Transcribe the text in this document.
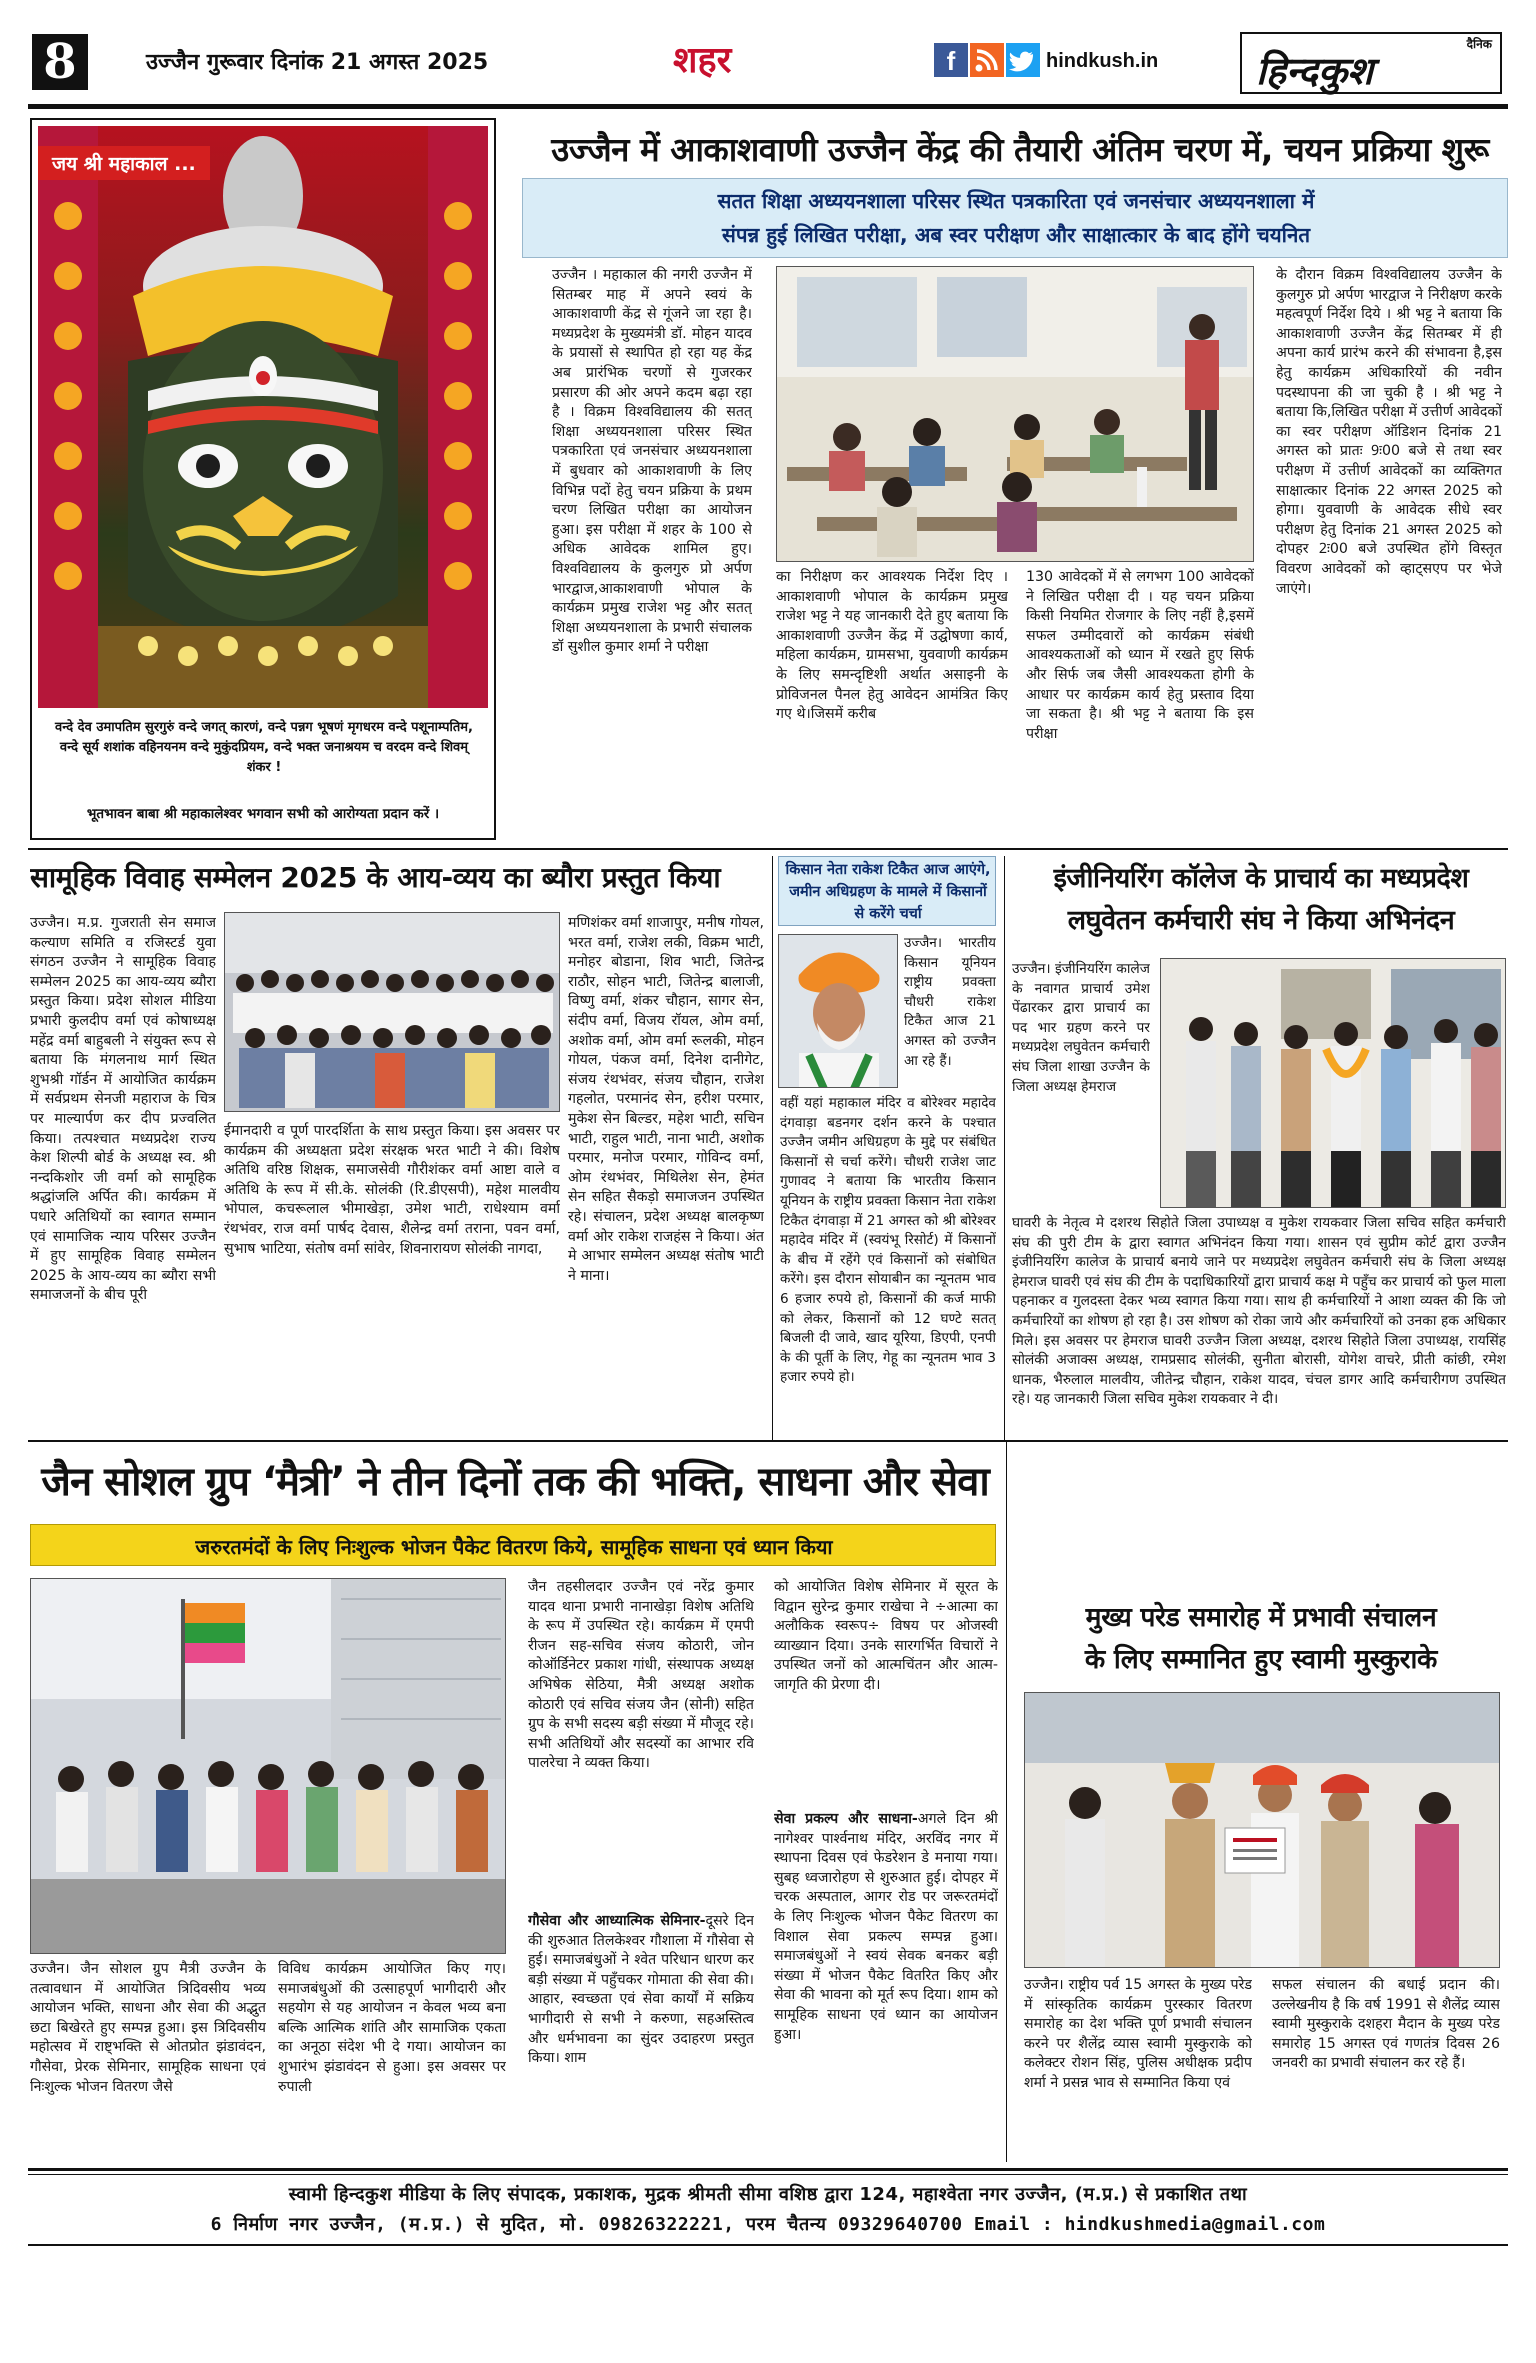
8	उज्जैन गुरूवार दिनांक 21 अगस्त 2025	शहर	f	hindkush.in
दैनिक
हिन्दकुश
जय श्री महाकाल ...
वन्दे देव उमापतिम सुरगुरुं वन्दे जगत् कारणं, वन्दे पन्नग भूषणं मृगधरम वन्दे पशूनाम्पतिम, वन्दे सूर्य शशांक वहिनयनम वन्दे मुकुंदप्रियम, वन्दे भक्त जनाश्रयम च वरदम वन्दे शिवम् शंकर !
भूतभावन बाबा श्री महाकालेश्वर भगवान सभी को आरोग्यता प्रदान करें ।
उज्जैन में आकाशवाणी उज्जैन केंद्र की तैयारी अंतिम चरण में, चयन प्रक्रिया शुरू
सतत शिक्षा अध्ययनशाला परिसर स्थित पत्रकारिता एवं जनसंचार अध्ययनशाला में
संपन्न हुई लिखित परीक्षा, अब स्वर परीक्षण और साक्षात्कार के बाद होंगे चयनित
उज्जैन । महाकाल की नगरी उज्जैन में सितम्बर माह में अपने स्वयं के आकाशवाणी केंद्र से गूंजने जा रहा है।मध्यप्रदेश के मुख्यमंत्री डॉ. मोहन यादव के प्रयासों से स्थापित हो रहा यह केंद्र अब प्रारंभिक चरणों से गुजरकर प्रसारण की ओर अपने कदम बढ़ा रहा है । विक्रम विश्वविद्यालय की सतत् शिक्षा अध्ययनशाला परिसर स्थित पत्रकारिता एवं जनसंचार अध्ययनशाला में बुधवार को आकाशवाणी के लिए विभिन्न पदों हेतु चयन प्रक्रिया के प्रथम चरण लिखित परीक्षा का आयोजन हुआ। इस परीक्षा में शहर के 100 से अधिक आवेदक शामिल हुए।विश्वविद्यालय के कुलगुरु प्रो अर्पण भारद्वाज,आकाशवाणी भोपाल के कार्यक्रम प्रमुख राजेश भट्ट और सतत् शिक्षा अध्ययनशाला के प्रभारी संचालक डॉ सुशील कुमार शर्मा ने परीक्षा
का निरीक्षण कर आवश्यक निर्देश दिए । आकाशवाणी भोपाल के कार्यक्रम प्रमुख राजेश भट्ट ने यह जानकारी देते हुए बताया कि आकाशवाणी उज्जैन केंद्र में उद्घोषणा कार्य, महिला कार्यक्रम, ग्रामसभा, युववाणी कार्यक्रम के लिए समन्दृष्टिशी अर्थात असाइनी के प्रोविजनल पैनल हेतु आवेदन आमंत्रित किए गए थे।जिसमें करीब
130 आवेदकों में से लगभग 100 आवेदकों ने लिखित परीक्षा दी । यह चयन प्रक्रिया किसी नियमित रोजगार के लिए नहीं है,इसमें सफल उम्मीदवारों को कार्यक्रम संबंधी आवश्यकताओं को ध्यान में रखते हुए सिर्फ और सिर्फ जब जैसी आवश्यकता होगी के आधार पर कार्यक्रम कार्य हेतु प्रस्ताव दिया जा सकता है। श्री भट्ट ने बताया कि इस परीक्षा
के दौरान विक्रम विश्वविद्यालय उज्जैन के कुलगुरु प्रो अर्पण भारद्वाज ने निरीक्षण करके महत्वपूर्ण निर्देश दिये । श्री भट्ट ने बताया कि आकाशवाणी उज्जैन केंद्र सितम्बर में ही अपना कार्य प्रारंभ करने की संभावना है,इस हेतु कार्यक्रम अधिकारियों की नवीन पदस्थापना की जा चुकी है । श्री भट्ट ने बताया कि,लिखित परीक्षा में उत्तीर्ण आवेदकों का स्वर परीक्षण ऑडिशन दिनांक 21 अगस्त को प्रातः 9ः00 बजे से तथा स्वर परीक्षण में उत्तीर्ण आवेदकों का व्यक्तिगत साक्षात्कार दिनांक 22 अगस्त 2025 को होगा। युववाणी के आवेदक सीधे स्वर परीक्षण हेतु दिनांक 21 अगस्त 2025 को दोपहर 2ः00 बजे उपस्थित होंगे विस्तृत विवरण आवेदकों को व्हाट्सएप पर भेजे जाएंगे।
सामूहिक विवाह सम्मेलन 2025 के आय-व्यय का ब्यौरा प्रस्तुत किया
उज्जैन। म.प्र. गुजराती सेन समाज कल्याण समिति व रजिस्टर्ड युवा संगठन उज्जैन ने सामूहिक विवाह सम्मेलन 2025 का आय-व्यय ब्यौरा प्रस्तुत किया। प्रदेश सोशल मीडिया प्रभारी कुलदीप वर्मा एवं कोषाध्यक्ष महेंद्र वर्मा बाहुबली ने संयुक्त रूप से बताया कि मंगलनाथ मार्ग स्थित शुभश्री गॉर्डन में आयोजित कार्यक्रम में सर्वप्रथम सेनजी महाराज के चित्र पर माल्यार्पण कर दीप प्रज्वलित किया। तत्पश्चात मध्यप्रदेश राज्य केश शिल्पी बोर्ड के अध्यक्ष स्व. श्री नन्दकिशोर जी वर्मा को सामूहिक श्रद्धांजलि अर्पित की। कार्यक्रम में पधारे अतिथियों का स्वागत सम्मान एवं सामाजिक न्याय परिसर उज्जैन में हुए सामूहिक विवाह सम्मेलन 2025 के आय-व्यय का ब्यौरा सभी समाजजनों के बीच पूरी
ईमानदारी व पूर्ण पारदर्शिता के साथ प्रस्तुत किया। इस अवसर पर कार्यक्रम की अध्यक्षता प्रदेश संरक्षक भरत भाटी ने की। विशेष अतिथि वरिष्ठ शिक्षक, समाजसेवी गौरीशंकर वर्मा आष्टा वाले व अतिथि के रूप में सी.के. सोलंकी (रि.डीएसपी), महेश मालवीय भोपाल, कचरूलाल भीमाखेड़ा, उमेश भाटी, राधेश्याम वर्मा रंथभंवर, राज वर्मा पार्षद देवास, शैलेन्द्र वर्मा तराना, पवन वर्मा, सुभाष भाटिया, संतोष वर्मा सांवेर, शिवनारायण सोलंकी नागदा,
मणिशंकर वर्मा शाजापुर, मनीष गोयल, भरत वर्मा, राजेश लकी, विक्रम भाटी, मनोहर बोडाना, शिव भाटी, जितेन्द्र राठौर, सोहन भाटी, जितेन्द्र बालाजी, विष्णु वर्मा, शंकर चौहान, सागर सेन, संदीप वर्मा, विजय रॉयल, ओम वर्मा, अशोक वर्मा, ओम वर्मा रूलकी, मोहन गोयल, पंकज वर्मा, दिनेश दानीगेट, संजय रंथभंवर, संजय चौहान, राजेश गहलोत, परमानंद सेन, हरीश परमार, मुकेश सेन बिल्डर, महेश भाटी, सचिन भाटी, राहुल भाटी, नाना भाटी, अशोक परमार, मनोज परमार, गोविन्द वर्मा, ओम रंथभंवर, मिथिलेश सेन, हेमंत सेन सहित सैकड़ो समाजजन उपस्थित रहे। संचालन, प्रदेश अध्यक्ष बालकृष्ण वर्मा ओर राकेश राजहंस ने किया। अंत मे आभार सम्मेलन अध्यक्ष संतोष भाटी ने माना।
किसान नेता राकेश टिकैत आज आएंगे, जमीन अधिग्रहण के मामले में किसानों से करेंगे चर्चा
उज्जैन। भारतीय किसान यूनियन राष्ट्रीय प्रवक्ता चौधरी राकेश टिकैत आज 21 अगस्त को उज्जैन आ रहे हैं।
वहीं यहां महाकाल मंदिर व बोरेश्वर महादेव दंगवाड़ा बडनगर दर्शन करने के पश्चात उज्जैन जमीन अधिग्रहण के मुद्दे पर संबंधित किसानों से चर्चा करेंगे। चौधरी राजेश जाट गुणावद ने बताया कि भारतीय किसान यूनियन के राष्ट्रीय प्रवक्ता किसान नेता राकेश टिकैत दंगवाड़ा में 21 अगस्त को श्री बोरेश्वर महादेव मंदिर में (स्वयंभू रिसोर्ट) में किसानों के बीच में रहेंगे एवं किसानों को संबोधित करेंगे। इस दौरान सोयाबीन का न्यूनतम भाव 6 हजार रुपये हो, किसानों की कर्ज माफी को लेकर, किसानों को 12 घण्टे सतत् बिजली दी जावे, खाद यूरिया, डिएपी, एनपी के की पूर्ती के लिए, गेहू का न्यूनतम भाव 3 हजार रुपये हो।
इंजीनियरिंग कॉलेज के प्राचार्य का मध्यप्रदेश
लघुवेतन कर्मचारी संघ ने किया अभिनंदन
उज्जैन। इंजीनियरिंग कालेज के नवागत प्राचार्य उमेश पेंढारकर द्वारा प्राचार्य का पद भार ग्रहण करने पर मध्यप्रदेश लघुवेतन कर्मचारी संघ जिला शाखा उज्जैन के जिला अध्यक्ष हेमराज
घावरी के नेतृत्व मे दशरथ सिहोते जिला उपाध्यक्ष व मुकेश रायकवार जिला सचिव सहित कर्मचारी संघ की पुरी टीम के द्वारा स्वागत अभिनंदन किया गया। शासन एवं सुप्रीम कोर्ट द्वारा उज्जैन इंजीनियरिंग कालेज के प्राचार्य बनाये जाने पर मध्यप्रदेश लघुवेतन कर्मचारी संघ के जिला अध्यक्ष हेमराज घावरी एवं संघ की टीम के पदाधिकारियों द्वारा प्राचार्य कक्ष मे पहुँच कर प्राचार्य को फुल माला पहनाकर व गुलदस्ता देकर भव्य स्वागत किया गया। साथ ही कर्मचारियों ने आशा व्यक्त की कि जो कर्मचारियों का शोषण हो रहा है। उस शोषण को रोका जाये और कर्मचारियों को उनका हक अधिकार मिले। इस अवसर पर हेमराज घावरी उज्जैन जिला अध्यक्ष, दशरथ सिहोते जिला उपाध्यक्ष, रायसिंह सोलंकी अजाक्स अध्यक्ष, रामप्रसाद सोलंकी, सुनीता बोरासी, योगेश वाचरे, प्रीती कांछी, रमेश धानक, भैरुलाल मालवीय, जीतेन्द्र चौहान, राकेश यादव, चंचल डागर आदि कर्मचारीगण उपस्थित रहे। यह जानकारी जिला सचिव मुकेश रायकवार ने दी।
जैन सोशल ग्रुप ‘मैत्री’ ने तीन दिनों तक की भक्ति, साधना और सेवा
जरुरतमंदों के लिए निःशुल्क भोजन पैकेट वितरण किये, सामूहिक साधना एवं ध्यान किया
उज्जैन। जैन सोशल ग्रुप मैत्री उज्जैन के तत्वावधान में आयोजित त्रिदिवसीय भव्य आयोजन भक्ति, साधना और सेवा की अद्भुत छटा बिखेरते हुए सम्पन्न हुआ। इस त्रिदिवसीय महोत्सव में राष्ट्भक्ति से ओतप्रोत झंडावंदन, गौसेवा, प्रेरक सेमिनार, सामूहिक साधना एवं निःशुल्क भोजन वितरण जैसे
विविध कार्यक्रम आयोजित किए गए। समाजबंधुओं की उत्साहपूर्ण भागीदारी और सहयोग से यह आयोजन न केवल भव्य बना बल्कि आत्मिक शांति और सामाजिक एकता का अनूठा संदेश भी दे गया। आयोजन का शुभारंभ झंडावंदन से हुआ। इस अवसर पर रुपाली
जैन तहसीलदार उज्जैन एवं नरेंद्र कुमार यादव थाना प्रभारी नानाखेड़ा विशेष अतिथि के रूप में उपस्थित रहे। कार्यक्रम में एमपी रीजन सह-सचिव संजय कोठारी, जोन कोऑर्डिनेटर प्रकाश गांधी, संस्थापक अध्यक्ष अभिषेक सेठिया, मैत्री अध्यक्ष अशोक कोठारी एवं सचिव संजय जैन (सोनी) सहित ग्रुप के सभी सदस्य बड़ी संख्या में मौजूद रहे। सभी अतिथियों और सदस्यों का आभार रवि पालरेचा ने व्यक्त किया।
गौसेवा और आध्यात्मिक सेमिनार-दूसरे दिन की शुरुआत तिलकेश्वर गौशाला में गौसेवा से हुई। समाजबंधुओं ने श्वेत परिधान धारण कर बड़ी संख्या में पहुँचकर गोमाता की सेवा की। आहार, स्वच्छता एवं सेवा कार्यों में सक्रिय भागीदारी से सभी ने करुणा, सहअस्तित्व और धर्मभावना का सुंदर उदाहरण प्रस्तुत किया। शाम
को आयोजित विशेष सेमिनार में सूरत के विद्वान सुरेन्द्र कुमार राखेचा ने ÷आत्मा का अलौकिक स्वरूप÷ विषय पर ओजस्वी व्याख्यान दिया। उनके सारगर्भित विचारों ने उपस्थित जनों को आत्मचिंतन और आत्म-जागृति की प्रेरणा दी।
सेवा प्रकल्प और साधना-अगले दिन श्री नागेश्वर पार्श्वनाथ मंदिर, अरविंद नगर में स्थापना दिवस एवं फेडरेशन डे मनाया गया। सुबह ध्वजारोहण से शुरुआत हुई। दोपहर में चरक अस्पताल, आगर रोड पर जरूरतमंदों के लिए निःशुल्क भोजन पैकेट वितरण का विशाल सेवा प्रकल्प सम्पन्न हुआ। समाजबंधुओं ने स्वयं सेवक बनकर बड़ी संख्या में भोजन पैकेट वितरित किए और सेवा की भावना को मूर्त रूप दिया। शाम को सामूहिक साधना एवं ध्यान का आयोजन हुआ।
मुख्य परेड समारोह में प्रभावी संचालन
के लिए सम्मानित हुए स्वामी मुस्कुराके
उज्जैन। राष्ट्रीय पर्व 15 अगस्त के मुख्य परेड में सांस्कृतिक कार्यक्रम पुरस्कार वितरण समारोह का देश भक्ति पूर्ण प्रभावी संचालन करने पर शैलेंद्र व्यास स्वामी मुस्कुराके को कलेक्टर रोशन सिंह, पुलिस अधीक्षक प्रदीप शर्मा ने प्रसन्न भाव से सम्मानित किया एवं
सफल संचालन की बधाई प्रदान की। उल्लेखनीय है कि वर्ष 1991 से शैलेंद्र व्यास स्वामी मुस्कुराके दशहरा मैदान के मुख्य परेड समारोह 15 अगस्त एवं गणतंत्र दिवस 26 जनवरी का प्रभावी संचालन कर रहे हैं।
स्वामी हिन्दकुश मीडिया के लिए संपादक, प्रकाशक, मुद्रक श्रीमती सीमा वशिष्ठ द्वारा 124, महाश्वेता नगर उज्जैन, (म.प्र.) से प्रकाशित तथा
6 निर्माण नगर उज्जैन, (म.प्र.) से मुदित, मो. 09826322221, परम चैतन्य 09329640700 Email : hindkushmedia@gmail.com
